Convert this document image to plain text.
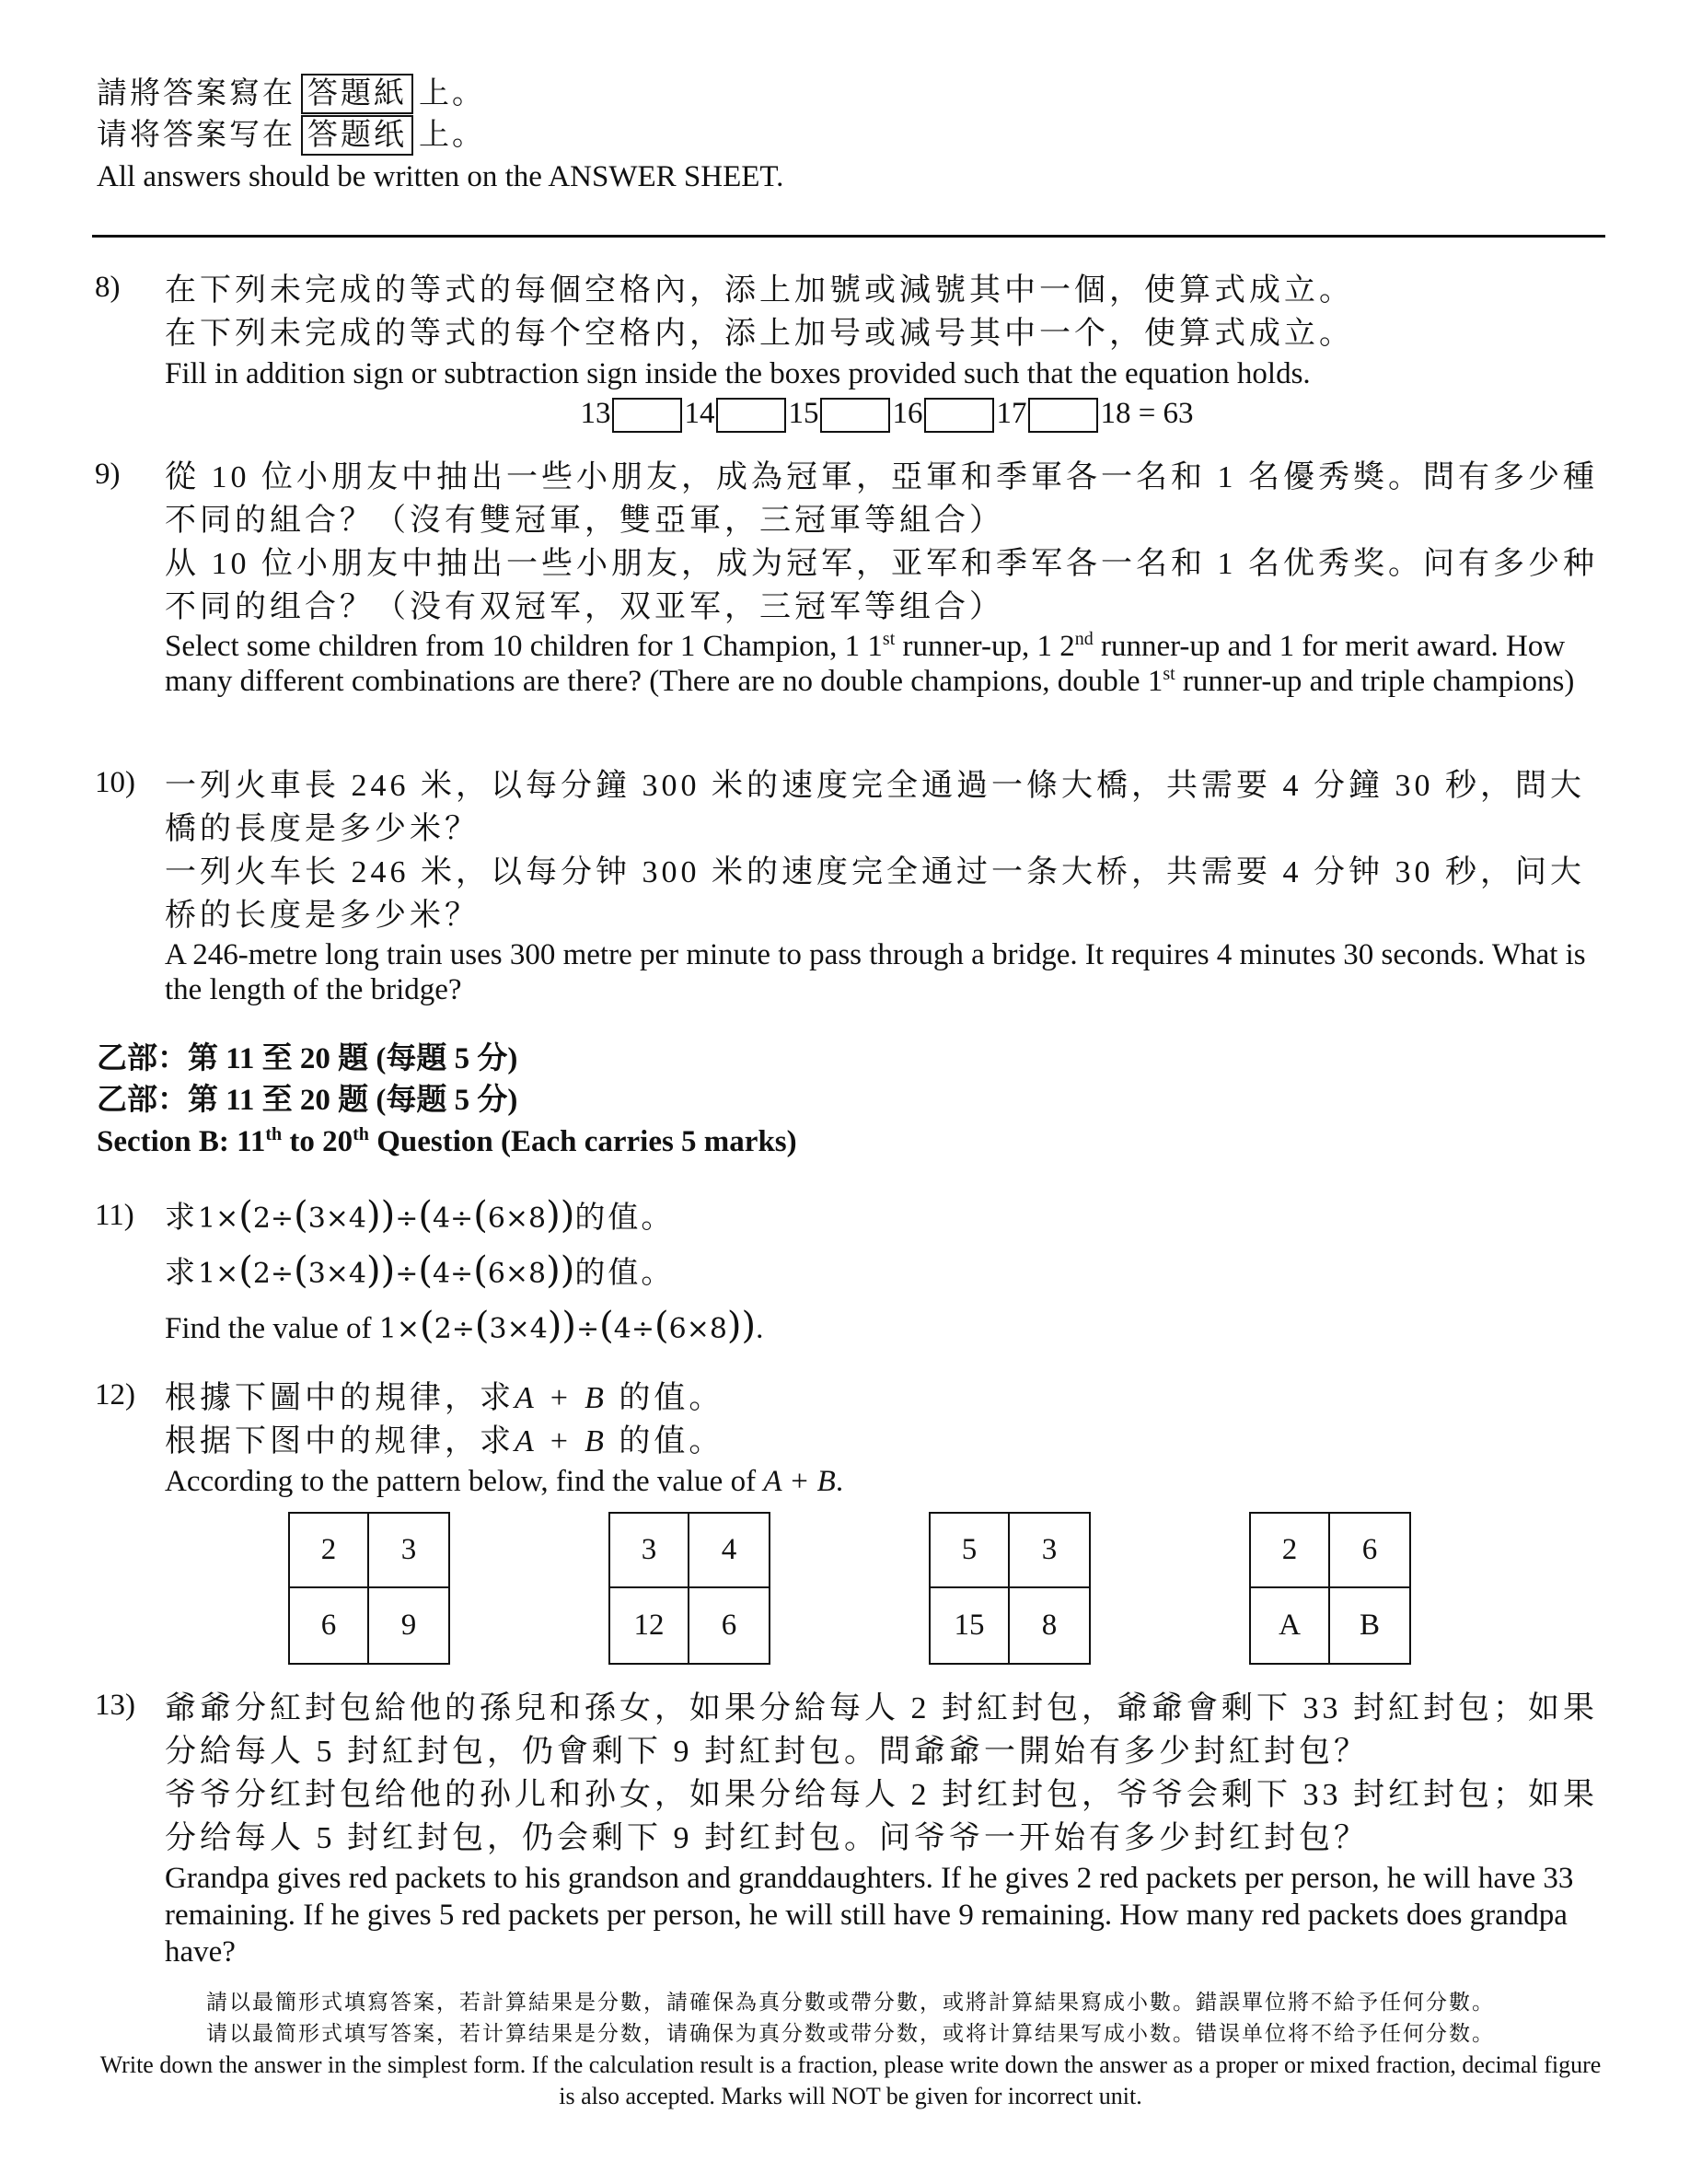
請將答案寫在 答題紙 上。
请将答案写在 答题纸 上。
All answers should be written on the ANSWER SHEET.
8) 在下列未完成的等式的每個空格內，添上加號或減號其中一個，使算式成立。
在下列未完成的等式的每个空格内，添上加号或减号其中一个，使算式成立。
Fill in addition sign or subtraction sign inside the boxes provided such that the equation holds.
13 14 15 16 17 18 = 63
9) 從 10 位小朋友中抽出一些小朋友，成為冠軍，亞軍和季軍各一名和 1 名優秀獎。問有多少種不同的組合？（沒有雙冠軍，雙亞軍，三冠軍等組合）
从 10 位小朋友中抽出一些小朋友，成为冠军，亚军和季军各一名和 1 名优秀奖。问有多少种不同的组合？（没有双冠军，双亚军，三冠军等组合）
Select some children from 10 children for 1 Champion, 1 1st runner-up, 1 2nd runner-up and 1 for merit award. How many different combinations are there? (There are no double champions, double 1st runner-up and triple champions)
10) 一列火車長 246 米，以每分鐘 300 米的速度完全通過一條大橋，共需要 4 分鐘 30 秒，問大橋的長度是多少米？
一列火车长 246 米，以每分钟 300 米的速度完全通过一条大桥，共需要 4 分钟 30 秒，问大桥的长度是多少米？
A 246-metre long train uses 300 metre per minute to pass through a bridge. It requires 4 minutes 30 seconds. What is the length of the bridge?
乙部：第 11 至 20 題 (每題 5 分)
乙部：第 11 至 20 题 (每题 5 分)
Section B: 11th to 20th Question (Each carries 5 marks)
11) 求1×(2÷(3×4))÷(4÷(6×8))的值。
求1×(2÷(3×4))÷(4÷(6×8))的值。
Find the value of 1×(2÷(3×4))÷(4÷(6×8)).
12) 根據下圖中的規律，求A + B 的值。
根据下图中的规律，求A + B 的值。
According to the pattern below, find the value of A + B.
2	3
6	9
3	4
12	6
5	3
15	8
2	6
A	B
13) 爺爺分紅封包給他的孫兒和孫女，如果分給每人 2 封紅封包，爺爺會剩下 33 封紅封包；如果分給每人 5 封紅封包，仍會剩下 9 封紅封包。問爺爺一開始有多少封紅封包？
爷爷分红封包给他的孙儿和孙女，如果分给每人 2 封红封包，爷爷会剩下 33 封红封包；如果分给每人 5 封红封包，仍会剩下 9 封红封包。问爷爷一开始有多少封红封包？
Grandpa gives red packets to his grandson and granddaughters. If he gives 2 red packets per person, he will have 33 remaining. If he gives 5 red packets per person, he will still have 9 remaining. How many red packets does grandpa have?
請以最簡形式填寫答案，若計算結果是分數，請確保為真分數或帶分數，或將計算結果寫成小數。錯誤單位將不給予任何分數。
请以最简形式填写答案，若计算结果是分数，请确保为真分数或带分数，或将计算结果写成小数。错误单位将不给予任何分数。
Write down the answer in the simplest form. If the calculation result is a fraction, please write down the answer as a proper or mixed fraction, decimal figure is also accepted. Marks will NOT be given for incorrect unit.
